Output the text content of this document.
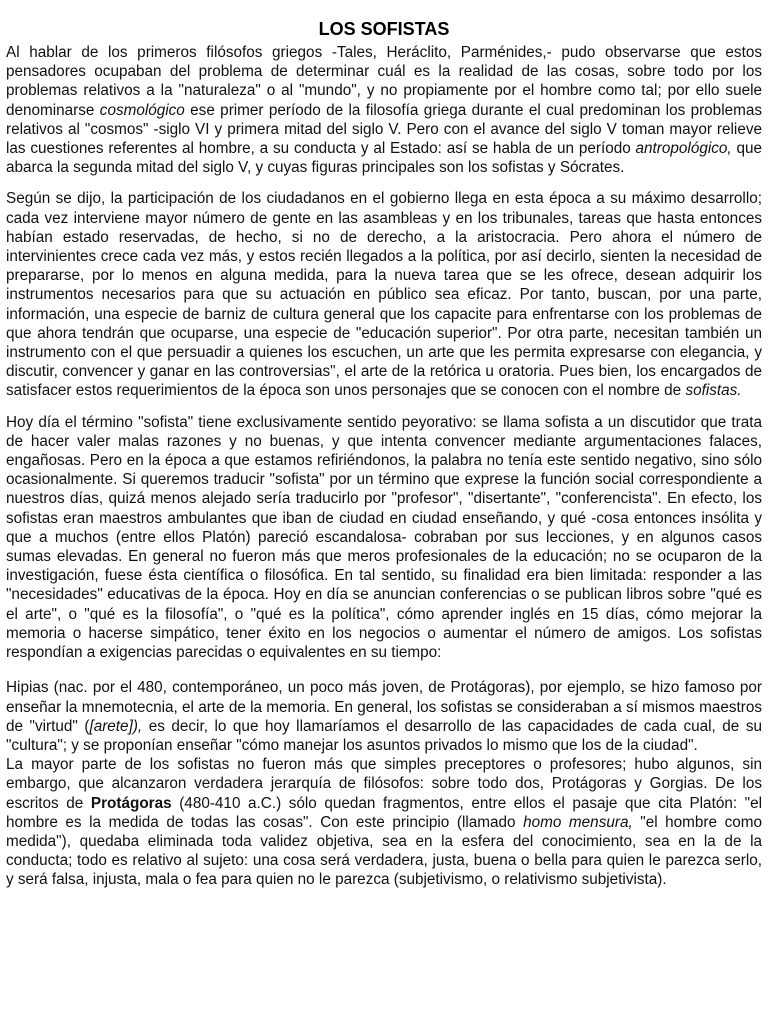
LOS SOFISTAS

Al hablar de los primeros filósofos griegos -Tales, Heráclito, Parménides,- pudo observarse que estos pensadores ocupaban del problema de determinar cuál es la realidad de las cosas, sobre todo por los problemas relativos a la "naturaleza" o al "mundo", y no propiamente por el hombre como tal; por ello suele denominarse cosmológico ese primer período de la filosofía griega durante el cual predominan los problemas relativos al "cosmos" -siglo VI y primera mitad del siglo V. Pero con el avance del siglo V toman mayor relieve las cuestiones referentes al hombre, a su conducta y al Estado: así se habla de un período antropológico, que abarca la segunda mitad del siglo V, y cuyas figuras principales son los sofistas y Sócrates.

Según se dijo, la participación de los ciudadanos en el gobierno llega en esta época a su máximo desarrollo; cada vez interviene mayor número de gente en las asambleas y en los tribunales, tareas que hasta entonces habían estado reservadas, de hecho, si no de derecho, a la aristocracia. Pero ahora el número de intervinientes crece cada vez más, y estos recién llegados a la política, por así decirlo, sienten la necesidad de prepararse, por lo menos en alguna medida, para la nueva tarea que se les ofrece, desean adquirir los instrumentos necesarios para que su actuación en público sea eficaz. Por tanto, buscan, por una parte, información, una especie de barniz de cultura general que los capacite para enfrentarse con los problemas de que ahora tendrán que ocuparse, una especie de "educación superior". Por otra parte, necesitan también un instrumento con el que persuadir a quienes los escuchen, un arte que les permita expresarse con elegancia, y discutir, convencer y ganar en las controversias", el arte de la retórica u oratoria. Pues bien, los encargados de satisfacer estos requerimientos de la época son unos personajes que se conocen con el nombre de sofistas.

Hoy día el término "sofista" tiene exclusivamente sentido peyorativo: se llama sofista a un discutidor que trata de hacer valer malas razones y no buenas, y que intenta convencer mediante argumentaciones falaces, engañosas. Pero en la época a que estamos refiriéndonos, la palabra no tenía este sentido negativo, sino sólo ocasionalmente. Si queremos traducir "sofista" por un término que exprese la función social correspondiente a nuestros días, quizá menos alejado sería traducirlo por "profesor", "disertante", "conferencista". En efecto, los sofistas eran maestros ambulantes que iban de ciudad en ciudad enseñando, y qué -cosa entonces insólita y que a muchos (entre ellos Platón) pareció escandalosa- cobraban por sus lecciones, y en algunos casos sumas elevadas. En general no fueron más que meros profesionales de la educación; no se ocuparon de la investigación, fuese ésta científica o filosófica. En tal sentido, su finalidad era bien limitada: responder a las "necesidades" educativas de la época. Hoy en día se anuncian conferencias o se publican libros sobre "qué es el arte", o "qué es la filosofía", o "qué es la política", cómo aprender inglés en 15 días, cómo mejorar la memoria o hacerse simpático, tener éxito en los negocios o aumentar el número de amigos. Los sofistas respondían a exigencias parecidas o equivalentes en su tiempo:

Hipias (nac. por el 480, contemporáneo, un poco más joven, de Protágoras), por ejemplo, se hizo famoso por enseñar la mnemotecnia, el arte de la memoria. En general, los sofistas se consideraban a sí mismos maestros de "virtud" ([arete]), es decir, lo que hoy llamaríamos el desarrollo de las capacidades de cada cual, de su "cultura"; y se proponían enseñar "cómo manejar los asuntos privados lo mismo que los de la ciudad".

La mayor parte de los sofistas no fueron más que simples preceptores o profesores; hubo algunos, sin embargo, que alcanzaron verdadera jerarquía de filósofos: sobre todo dos, Protágoras y Gorgias. De los escritos de Protágoras (480-410 a.C.) sólo quedan fragmentos, entre ellos el pasaje que cita Platón: "el hombre es la medida de todas las cosas". Con este principio (llamado homo mensura, "el hombre como medida"), quedaba eliminada toda validez objetiva, sea en la esfera del conocimiento, sea en la de la conducta; todo es relativo al sujeto: una cosa será verdadera, justa, buena o bella para quien le parezca serlo, y será falsa, injusta, mala o fea para quien no le parezca (subjetivismo, o relativismo subjetivista).
